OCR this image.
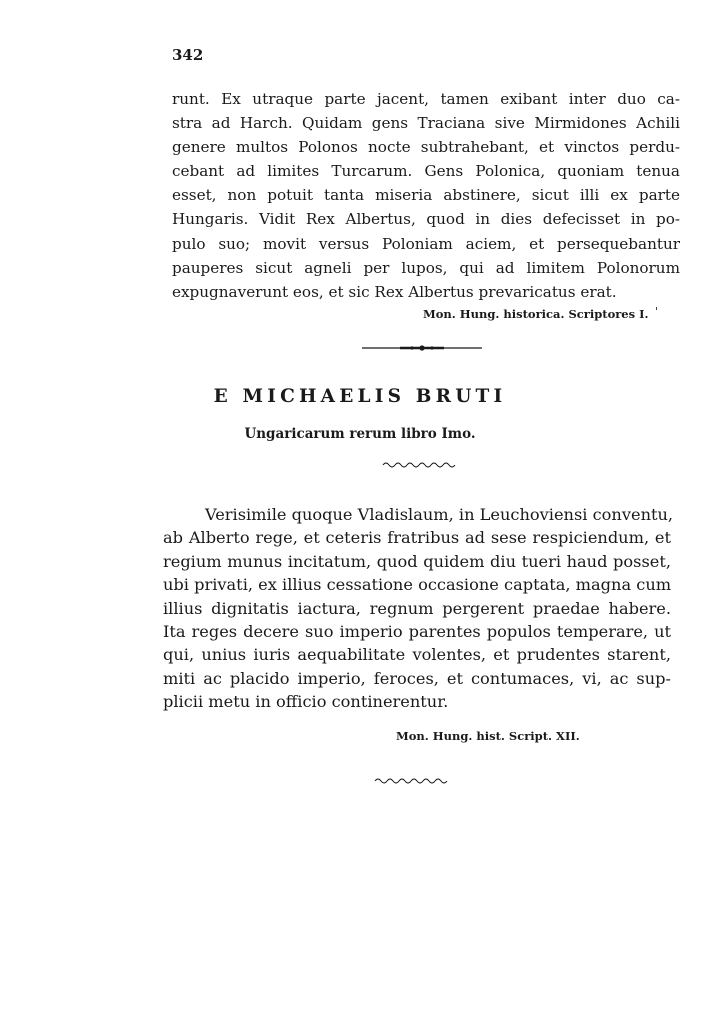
342
runt. Ex utraque parte jacent, tamen exibant inter duo ca-
stra ad Harch. Quidam gens Traciana sive Mirmidones Achili
genere multos Polonos nocte subtrahebant, et vinctos perdu-
cebant ad limites Turcarum. Gens Polonica, quoniam tenua
esset, non potuit tanta miseria abstinere, sicut illi ex parte
Hungaris. Vidit Rex Albertus, quod in dies defecisset in po-
pulo suo; movit versus Poloniam aciem, et persequebantur
pauperes sicut agneli per lupos, qui ad limitem Polonorum
expugnaverunt eos, et sic Rex Albertus prevaricatus erat.
Mon. Hung. historica. Scriptores I. '
E MICHAELIS BRUTI
Ungaricarum rerum libro Imo.
Verisimile quoque Vladislaum, in Leuchoviensi conventu,
ab Alberto rege, et ceteris fratribus ad sese respiciendum, et
regium munus incitatum, quod quidem diu tueri haud posset,
ubi privati, ex illius cessatione occasione captata, magna cum
illius dignitatis iactura, regnum pergerent praedae habere.
Ita reges decere suo imperio parentes populos temperare, ut
qui, unius iuris aequabilitate volentes, et prudentes starent,
miti ac placido imperio, feroces, et contumaces, vi, ac sup-
plicii metu in officio continerentur.
Mon. Hung. hist. Script. XII.
